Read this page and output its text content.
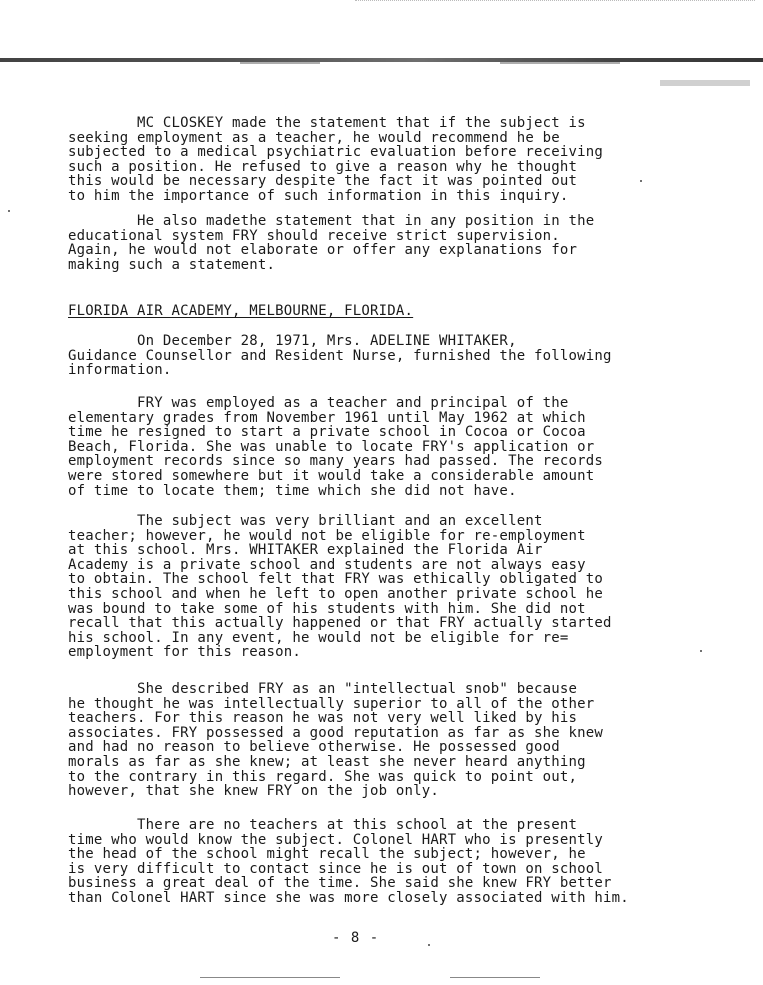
MC CLOSKEY made the statement that if the subject is
seeking employment as a teacher, he would recommend he be
subjected to a medical psychiatric evaluation before receiving
such a position. He refused to give a reason why he thought
this would be necessary despite the fact it was pointed out
to him the importance of such information in this inquiry.
He also madethe statement that in any position in the
educational system FRY should receive strict supervision.
Again, he would not elaborate or offer any explanations for
making such a statement.
FLORIDA AIR ACADEMY, MELBOURNE, FLORIDA.
On December 28, 1971, Mrs. ADELINE WHITAKER,
Guidance Counsellor and Resident Nurse, furnished the following
information.
FRY was employed as a teacher and principal of the
elementary grades from November 1961 until May 1962 at which
time he resigned to start a private school in Cocoa or Cocoa
Beach, Florida. She was unable to locate FRY's application or
employment records since so many years had passed. The records
were stored somewhere but it would take a considerable amount
of time to locate them; time which she did not have.
The subject was very brilliant and an excellent
teacher; however, he would not be eligible for re-employment
at this school. Mrs. WHITAKER explained the Florida Air
Academy is a private school and students are not always easy
to obtain. The school felt that FRY was ethically obligated to
this school and when he left to open another private school he
was bound to take some of his students with him. She did not
recall that this actually happened or that FRY actually started
his school. In any event, he would not be eligible for re=
employment for this reason.
She described FRY as an "intellectual snob" because
he thought he was intellectually superior to all of the other
teachers. For this reason he was not very well liked by his
associates. FRY possessed a good reputation as far as she knew
and had no reason to believe otherwise. He possessed good
morals as far as she knew; at least she never heard anything
to the contrary in this regard. She was quick to point out,
however, that she knew FRY on the job only.
There are no teachers at this school at the present
time who would know the subject. Colonel HART who is presently
the head of the school might recall the subject; however, he
is very difficult to contact since he is out of town on school
business a great deal of the time. She said she knew FRY better
than Colonel HART since she was more closely associated with him.
- 8 -
